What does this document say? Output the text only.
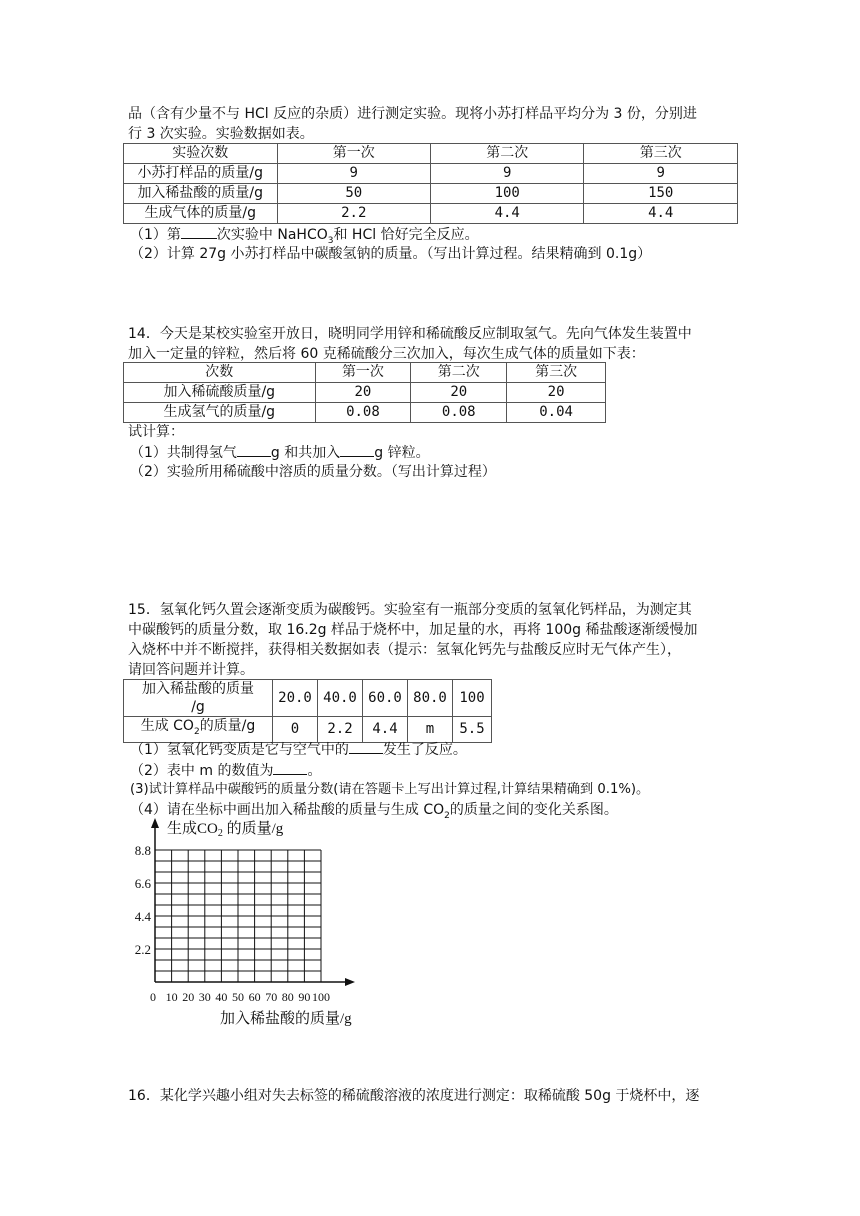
品（含有少量不与 HCl 反应的杂质）进行测定实验。现将小苏打样品平均分为 3 份，分别进
行 3 次实验。实验数据如表。
实验次数	第一次	第二次	第三次
小苏打样品的质量/g	9	9	9
加入稀盐酸的质量/g	50	100	150
生成气体的质量/g	2.2	4.4	4.4
（1）第	次实验中 NaHCO$_3$和 HCl 恰好完全反应。
（2）计算 27g 小苏打样品中碳酸氢钠的质量。（写出计算过程。结果精确到 0.1g）
14．今天是某校实验室开放日，晓明同学用锌和稀硫酸反应制取氢气。先向气体发生装置中
加入一定量的锌粒，然后将 60 克稀硫酸分三次加入，每次生成气体的质量如下表：
次数	第一次	第二次	第三次
加入稀硫酸质量/g	20	20	20
生成氢气的质量/g	0.08	0.08	0.04
试计算：
（1）共制得氢气 g 和共加入 g 锌粒。
（2）实验所用稀硫酸中溶质的质量分数。（写出计算过程）
15．氢氧化钙久置会逐渐变质为碳酸钙。实验室有一瓶部分变质的氢氧化钙样品，为测定其
中碳酸钙的质量分数，取 16.2g 样品于烧杯中，加足量的水，再将 100g 稀盐酸逐渐缓慢加
入烧杯中并不断搅拌，获得相关数据如表（提示：氢氧化钙先与盐酸反应时无气体产生），
请回答问题并计算。
加入稀盐酸的质量
/g	20.0	40.0	60.0	80.0	100
生成 $CO_2$的质量/g	0	2.2	4.4	m	5.5
（1）氢氧化钙变质是它与空气中的 发生了反应。
（2）表中 m 的数值为 。
(3)试计算样品中碳酸钙的质量分数(请在答题卡上写出计算过程,计算结果精确到 0.1%)。
（4）请在坐标中画出加入稀盐酸的质量与生成 $CO_2$的质量之间的变化关系图。
生成$CO_2$ 的质量/g
8.8
6.6
4.4
2.2
0 10 20 30 40 50 60 70 80 90 100
加入稀盐酸的质量/g
16．某化学兴趣小组对失去标签的稀硫酸溶液的浓度进行测定：取稀硫酸 50g 于烧杯中，逐
